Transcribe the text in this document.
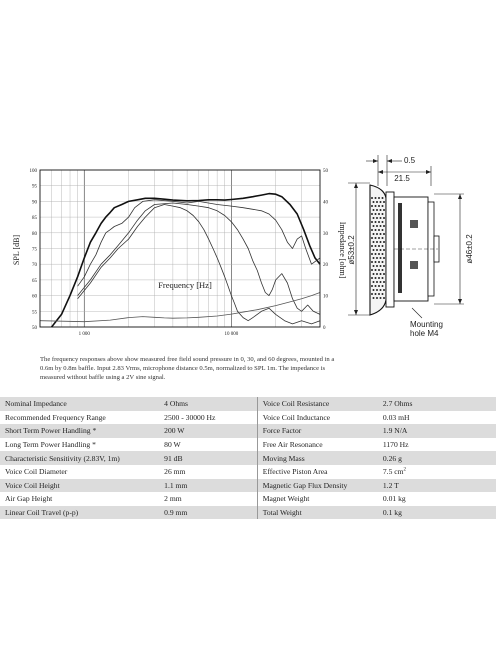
50
55
60
65
70
75
80
85
90
95
100
0
10
20
30
40
50
1 000	10 000
Frequency [Hz]
SPL [dB]	Impedance [ohm]
0.5
21.5
ø53±0.2	ø46±0.2
Mounting
hole M4
The frequency responses above show measured free field sound pressure in 0, 30, and 60 degrees, mounted in a 0.6m by 0.8m baffle. Input 2.83 Vrms, microphone distance 0.5m, normalized to SPL 1m. The impedance is measured without baffle using a 2V sine signal.
Nominal Impedance	4 Ohms	Voice Coil Resistance	2.7 Ohms
Recommended Frequency Range	2500 - 30000 Hz	Voice Coil Inductance	0.03 mH
Short Term Power Handling *	200 W	Force Factor	1.9 N/A
Long Term Power Handling *	80 W	Free Air Resonance	1170 Hz
Characteristic Sensitivity (2.83V, 1m)	91 dB	Moving Mass	0.26 g
Voice Coil Diameter	26 mm	Effective Piston Area	7.5 $cm^2$
Voice Coil Height	1.1 mm	Magnetic Gap Flux Density	1.2 T
Air Gap Height	2 mm	Magnet Weight	0.01 kg
Linear Coil Travel (p-p)	0.9 mm	Total Weight	0.1 kg
